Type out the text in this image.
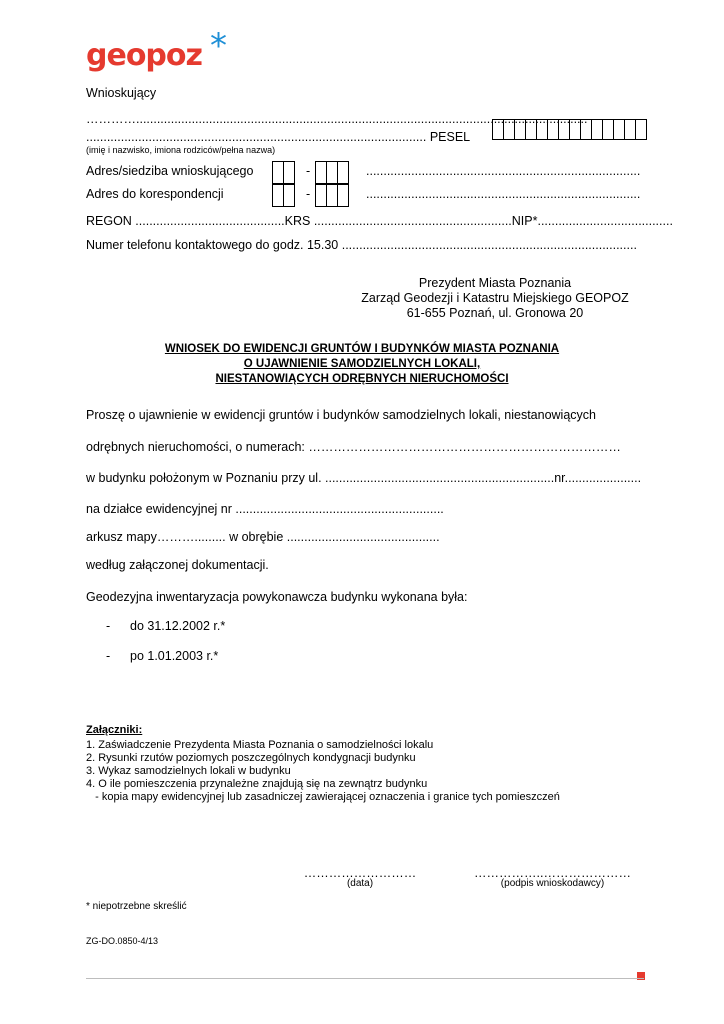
geopoz *
Wnioskujący
…………..................................................................................................................................
.................................................................................................. PESEL
(imię i nazwisko, imiona rodziców/pełna nazwa)
Adres/siedziba wnioskującego	-	...............................................................................
Adres do korespondencji	-	...............................................................................
REGON ...........................................KRS .........................................................NIP*.......................................
Numer telefonu kontaktowego do godz. 15.30 .....................................................................................
Prezydent Miasta Poznania
Zarząd Geodezji i Katastru Miejskiego GEOPOZ
61-655 Poznań, ul. Gronowa 20
WNIOSEK DO EWIDENCJI GRUNTÓW I BUDYNKÓW MIASTA POZNANIA
O UJAWNIENIE SAMODZIELNYCH LOKALI,
NIESTANOWIĄCYCH ODRĘBNYCH NIERUCHOMOŚCI
Proszę o ujawnienie w ewidencji gruntów i budynków samodzielnych lokali, niestanowiących
odrębnych nieruchomości, o numerach: …………………………………………………………………
w budynku położonym w Poznaniu przy ul. ..................................................................nr......................
na działce ewidencyjnej nr ............................................................
arkusz mapy………......... w obrębie ............................................
według załączonej dokumentacji.
Geodezyjna inwentaryzacja powykonawcza budynku wykonana była:
- do 31.12.2002 r.*
- po 1.01.2003 r.*
Załączniki:
1. Zaświadczenie Prezydenta Miasta Poznania o samodzielności lokalu
2. Rysunki rzutów poziomych poszczególnych kondygnacji budynku
3. Wykaz samodzielnych lokali w budynku
4. O ile pomieszczenia przynależne znajdują się na zewnątrz budynku
- kopia mapy ewidencyjnej lub zasadniczej zawierającej oznaczenia i granice tych pomieszczeń
………………………
(data)
……………..…………………
(podpis wnioskodawcy)
* niepotrzebne skreślić
ZG-DO.0850-4/13
